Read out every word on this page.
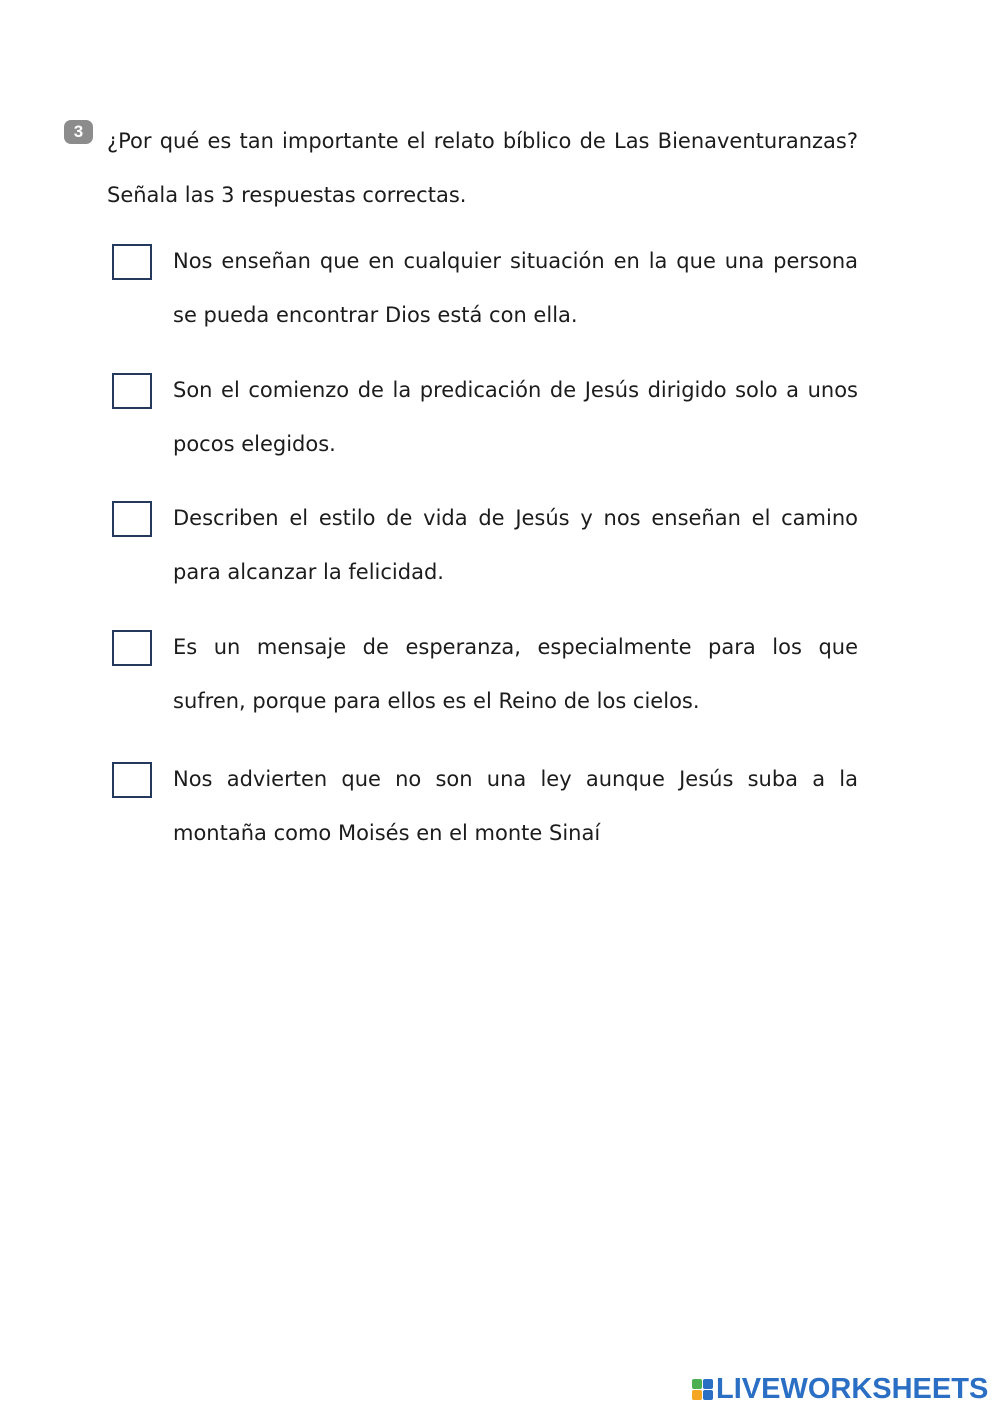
3	¿Por qué es tan importante el relato bíblico de Las Bienaventuranzas? Señala las 3 respuestas correctas.
Nos enseñan que en cualquier situación en la que una persona se pueda encontrar Dios está con ella.
Son el comienzo de la predicación de Jesús dirigido solo a unos pocos elegidos.
Describen el estilo de vida de Jesús y nos enseñan el camino para alcanzar la felicidad.
Es un mensaje de esperanza, especialmente para los que sufren, porque para ellos es el Reino de los cielos.
Nos advierten que no son una ley aunque Jesús suba a la montaña como Moisés en el monte Sinaí
LIVEWORKSHEETS
